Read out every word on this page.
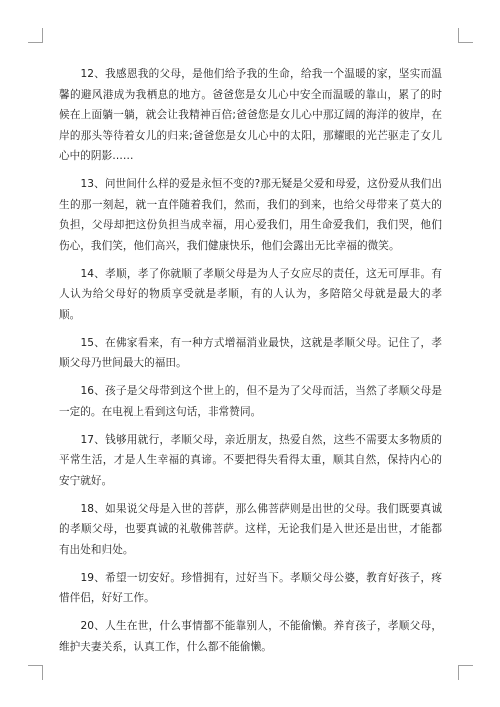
12、我感恩我的父母，是他们给予我的生命，给我一个温暖的家，坚实而温馨的避风港成为我栖息的地方。爸爸您是女儿心中安全而温暖的靠山，累了的时候在上面躺一躺，就会让我精神百倍;爸爸您是女儿心中那辽阔的海洋的彼岸，在岸的那头等待着女儿的归来;爸爸您是女儿心中的太阳，那耀眼的光芒驱走了女儿心中的阴影……

13、问世间什么样的爱是永恒不变的?那无疑是父爱和母爱，这份爱从我们出生的那一刻起，就一直伴随着我们，然而，我们的到来，也给父母带来了莫大的负担，父母却把这份负担当成幸福，用心爱我们，用生命爱我们，我们哭，他们伤心，我们笑，他们高兴，我们健康快乐，他们会露出无比幸福的微笑。

14、孝顺，孝了你就顺了孝顺父母是为人子女应尽的责任，这无可厚非。有人认为给父母好的物质享受就是孝顺，有的人认为，多陪陪父母就是最大的孝顺。

15、在佛家看来，有一种方式增福消业最快，这就是孝顺父母。记住了，孝顺父母乃世间最大的福田。

16、孩子是父母带到这个世上的，但不是为了父母而活，当然了孝顺父母是一定的。在电视上看到这句话，非常赞同。

17、钱够用就行，孝顺父母，亲近朋友，热爱自然，这些不需要太多物质的平常生活，才是人生幸福的真谛。不要把得失看得太重，顺其自然，保持内心的安宁就好。

18、如果说父母是入世的菩萨，那么佛菩萨则是出世的父母。我们既要真诚的孝顺父母，也要真诚的礼敬佛菩萨。这样，无论我们是入世还是出世，才能都有出处和归处。

19、希望一切安好。珍惜拥有，过好当下。孝顺父母公婆，教育好孩子，疼惜伴侣，好好工作。

20、人生在世，什么事情都不能靠别人，不能偷懒。养育孩子，孝顺父母，维护夫妻关系，认真工作，什么都不能偷懒。
